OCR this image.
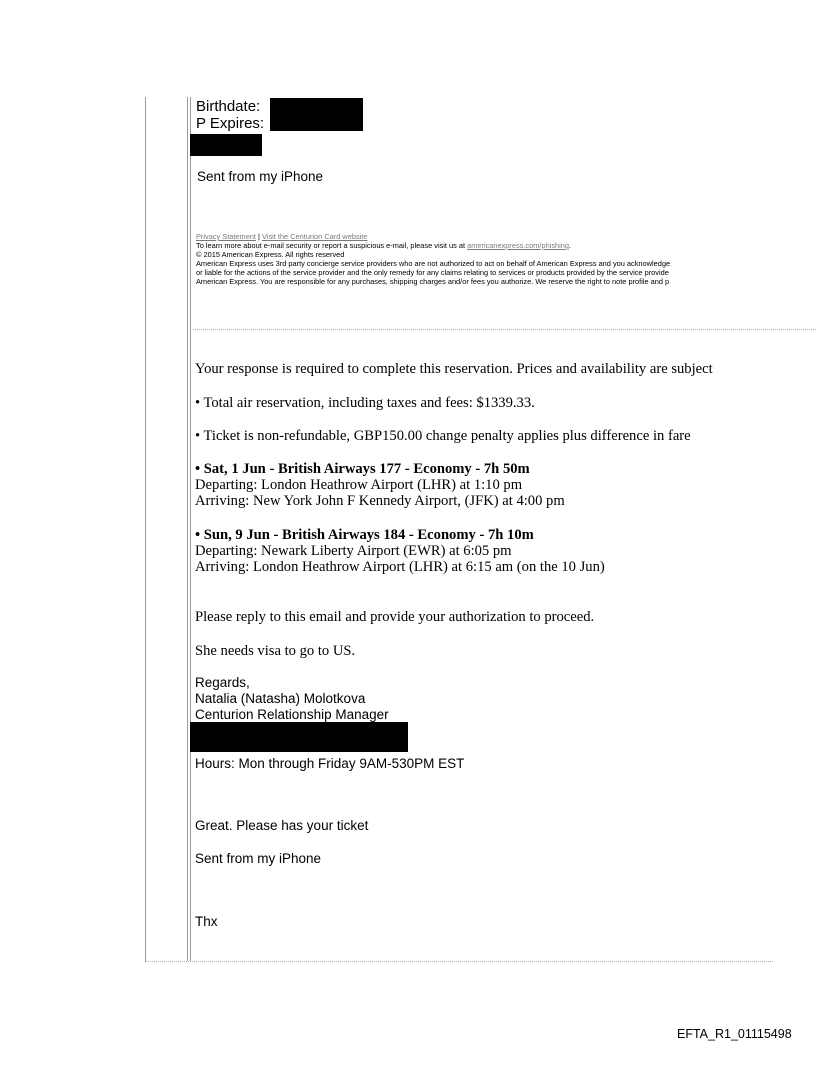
Birthdate:
P Expires:
Sent from my iPhone
Privacy Statement | Visit the Centurion Card website
To learn more about e-mail security or report a suspicious e-mail, please visit us at americanexpress.com/phishing.
© 2015 American Express. All rights reserved
American Express uses 3rd party concierge service providers who are not authorized to act on behalf of American Express and you acknowledge
or liable for the actions of the service provider and the only remedy for any claims relating to services or products provided by the service provide
American Express. You are responsible for any purchases, shipping charges and/or fees you authorize. We reserve the right to note profile and p
Your response is required to complete this reservation. Prices and availability are subject
• Total air reservation, including taxes and fees: $1339.33.
• Ticket is non-refundable, GBP150.00 change penalty applies plus difference in fare
• Sat, 1 Jun - British Airways 177 - Economy - 7h 50m
Departing: London Heathrow Airport (LHR) at 1:10 pm
Arriving: New York John F Kennedy Airport, (JFK) at 4:00 pm
• Sun, 9 Jun - British Airways 184 - Economy - 7h 10m
Departing: Newark Liberty Airport (EWR) at 6:05 pm
Arriving: London Heathrow Airport (LHR) at 6:15 am (on the 10 Jun)
Please reply to this email and provide your authorization to proceed.
She needs visa to go to US.
Regards,
Natalia (Natasha) Molotkova
Centurion Relationship Manager
Hours: Mon through Friday 9AM-530PM EST
Great. Please has your ticket
Sent from my iPhone
Thx
EFTA_R1_01115498
